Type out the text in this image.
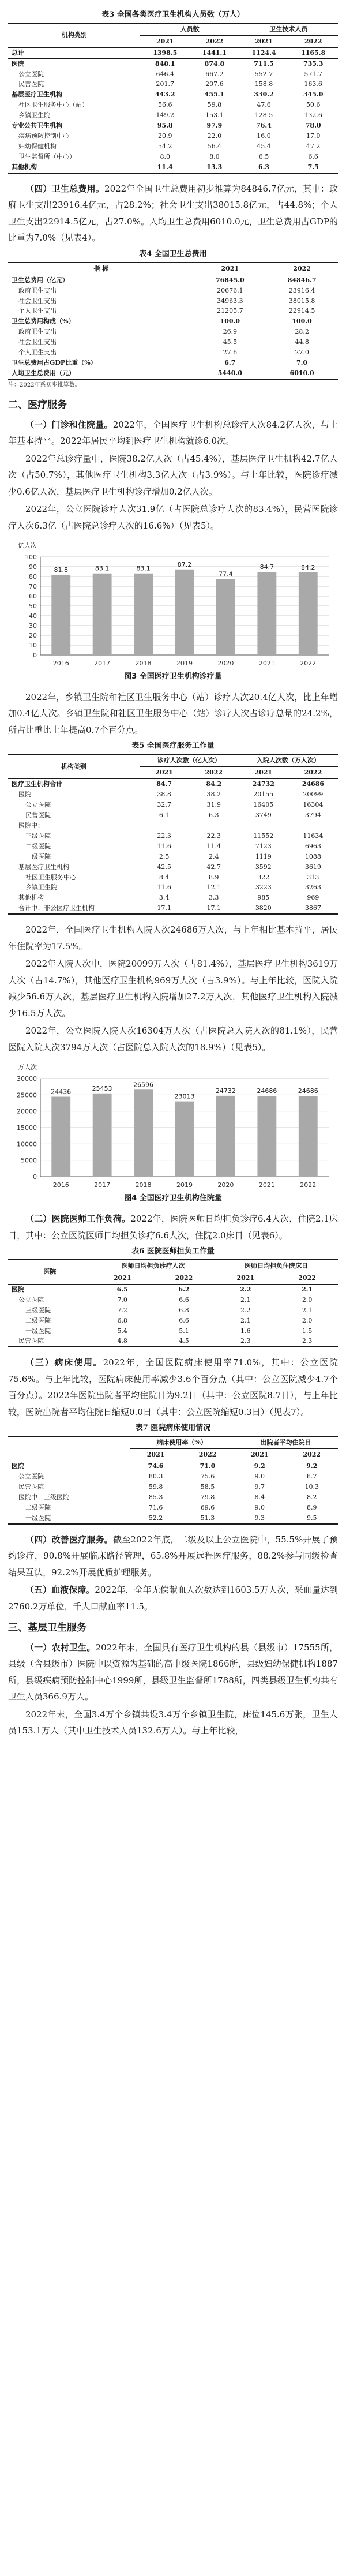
表3 全国各类医疗卫生机构人员数（万人）
机构类别	人员数		卫生技术人员	
	2021	2022	2021	2022
总计	1398.5	1441.1	1124.4	1165.8
医院	848.1	874.8	711.5	735.3
公立医院	646.4	667.2	552.7	571.7
民营医院	201.7	207.6	158.8	163.6
基层医疗卫生机构	443.2	455.1	330.2	345.0
社区卫生服务中心（站）	56.6	59.8	47.6	50.6
乡镇卫生院	149.2	153.1	128.5	132.6
专业公共卫生机构	95.8	97.9	76.4	78.0
疾病预防控制中心	20.9	22.0	16.0	17.0
妇幼保健机构	54.2	56.4	45.4	47.2
卫生监督所（中心）	8.0	8.0	6.5	6.6
其他机构	11.4	13.3	6.3	7.5

（四）卫生总费用。2022年全国卫生总费用初步推算为84846.7亿元，其中：政府卫生支出23916.4亿元，占28.2%；社会卫生支出38015.8亿元，占44.8%；个人卫生支出22914.5亿元，占27.0%。人均卫生总费用6010.0元，卫生总费用占GDP的比重为7.0%（见表4）。

表4 全国卫生总费用
指 标	2021	2022
卫生总费用（亿元）	76845.0	84846.7
政府卫生支出	20676.1	23916.4
社会卫生支出	34963.3	38015.8
个人卫生支出	21205.7	22914.5
卫生总费用构成（%）	100.0	100.0
政府卫生支出	26.9	28.2
社会卫生支出	45.5	44.8
个人卫生支出	27.6	27.0
卫生总费用占GDP比重（%）	6.7	7.0
人均卫生总费用（元）	5440.0	6010.0
注：2022年系初步推算数。
二、医疗服务

（一）门诊和住院量。2022年，全国医疗卫生机构总诊疗人次84.2亿人次，与上年基本持平。2022年居民平均到医疗卫生机构就诊6.0次。

2022年总诊疗量中，医院38.2亿人次（占45.4%），基层医疗卫生机构42.7亿人次（占50.7%），其他医疗卫生机构3.3亿人次（占3.9%）。与上年比较，医院诊疗减少0.6亿人次，基层医疗卫生机构诊疗增加0.2亿人次。

2022年，公立医院诊疗人次31.9亿（占医院总诊疗人次的83.4%），民营医院诊疗人次6.3亿（占医院总诊疗人次的16.6%）（见表5）。

亿人次
0
10
20
30
40
50
60
70
80
90
100
81.8
2016
83.1
2017
83.1
2018
87.2
2019
77.4
2020
84.7
2021
84.2
2022
图3 全国医疗卫生机构诊疗量

2022年，乡镇卫生院和社区卫生服务中心（站）诊疗人次20.4亿人次，比上年增加0.4亿人次。乡镇卫生院和社区卫生服务中心（站）诊疗人次占诊疗总量的24.2%，所占比重比上年提高0.7个百分点。

表5 全国医疗服务工作量
机构类别	诊疗人次数（亿人次）		入院人次数（万人次）	
	2021	2022	2021	2022
医疗卫生机构合计	84.7	84.2	24732	24686
医院	38.8	38.2	20155	20099
公立医院	32.7	31.9	16405	16304
民营医院	6.1	6.3	3749	3794
医院中：				
三级医院	22.3	22.3	11552	11634
二级医院	11.6	11.4	7123	6963
一级医院	2.5	2.4	1119	1088
基层医疗卫生机构	42.5	42.7	3592	3619
社区卫生服务中心	8.4	8.9	322	313
乡镇卫生院	11.6	12.1	3223	3263
其他机构	3.4	3.3	985	969
合计中：非公医疗卫生机构	17.1	17.1	3820	3867

2022年，全国医疗卫生机构入院人次24686万人次，与上年相比基本持平，居民年住院率为17.5%。

2022年入院人次中，医院20099万人次（占81.4%），基层医疗卫生机构3619万人次（占14.7%），其他医疗卫生机构969万人次（占3.9%）。与上年比较，医院入院减少56.6万人次，基层医疗卫生机构入院增加27.2万人次，其他医疗卫生机构入院减少16.5万人次。

2022年，公立医院入院人次16304万人次（占医院总入院人次的81.1%），民营医院入院人次3794万人次（占医院总入院人次的18.9%）（见表5）。

万人次
0
5000
10000
15000
20000
25000
30000
24436
2016
25453
2017
26596
2018
23013
2019
24732
2020
24686
2021
24686
2022
图4 全国医疗卫生机构住院量

（二）医院医师工作负荷。2022年，医院医师日均担负诊疗6.4人次，住院2.1床日，其中：公立医院医师日均担负诊疗6.6人次，住院2.0床日（见表6）。

表6 医院医师担负工作量
医院	医师日均担负诊疗人次		医师日均担负住院床日	
	2021	2022	2021	2022
医院	6.5	6.2	2.2	2.1
公立医院	7.0	6.6	2.1	2.0
三级医院	7.2	6.8	2.2	2.1
二级医院	6.8	6.6	2.1	2.0
一级医院	5.4	5.1	1.6	1.5
民营医院	4.8	4.5	2.3	2.3

（三）病床使用。2022年，全国医院病床使用率71.0%，其中：公立医院75.6%。与上年比较，医院病床使用率减少3.6个百分点（其中：公立医院减少4.7个百分点）。2022年医院出院者平均住院日为9.2日（其中：公立医院8.7日），与上年比较，医院出院者平均住院日缩短0.0日（其中：公立医院缩短0.3日）（见表7）。

表7 医院病床使用情况
	病床使用率（%）		出院者平均住院日	
	2021	2022	2021	2022
医院	74.6	71.0	9.2	9.2
公立医院	80.3	75.6	9.0	8.7
民营医院	59.8	58.5	9.7	10.3
医院中：三级医院	85.3	79.8	8.4	8.2
二级医院	71.6	69.6	9.0	8.9
一级医院	52.2	51.3	9.3	9.5

（四）改善医疗服务。截至2022年底，二级及以上公立医院中，55.5%开展了预约诊疗，90.8%开展临床路径管理，65.8%开展远程医疗服务，88.2%参与同级检查结果互认，92.2%开展优质护理服务。

（五）血液保障。2022年，全年无偿献血人次数达到1603.5万人次，采血量达到2760.2万单位，千人口献血率11.5。

三、基层卫生服务

（一）农村卫生。2022年末，全国具有医疗卫生机构的县（县级市）17555所，县级（含县级市）医院中以资源为基础的高中级医院1866所，县级妇幼保健机构1887所，县级疾病预防控制中心1999所，县级卫生监督所1788所，四类县级卫生机构共有卫生人员366.9万人。

2022年末，全国3.4万个乡镇共设3.4万个乡镇卫生院，床位145.6万张，卫生人员153.1万人（其中卫生技术人员132.6万人）。与上年比较，
